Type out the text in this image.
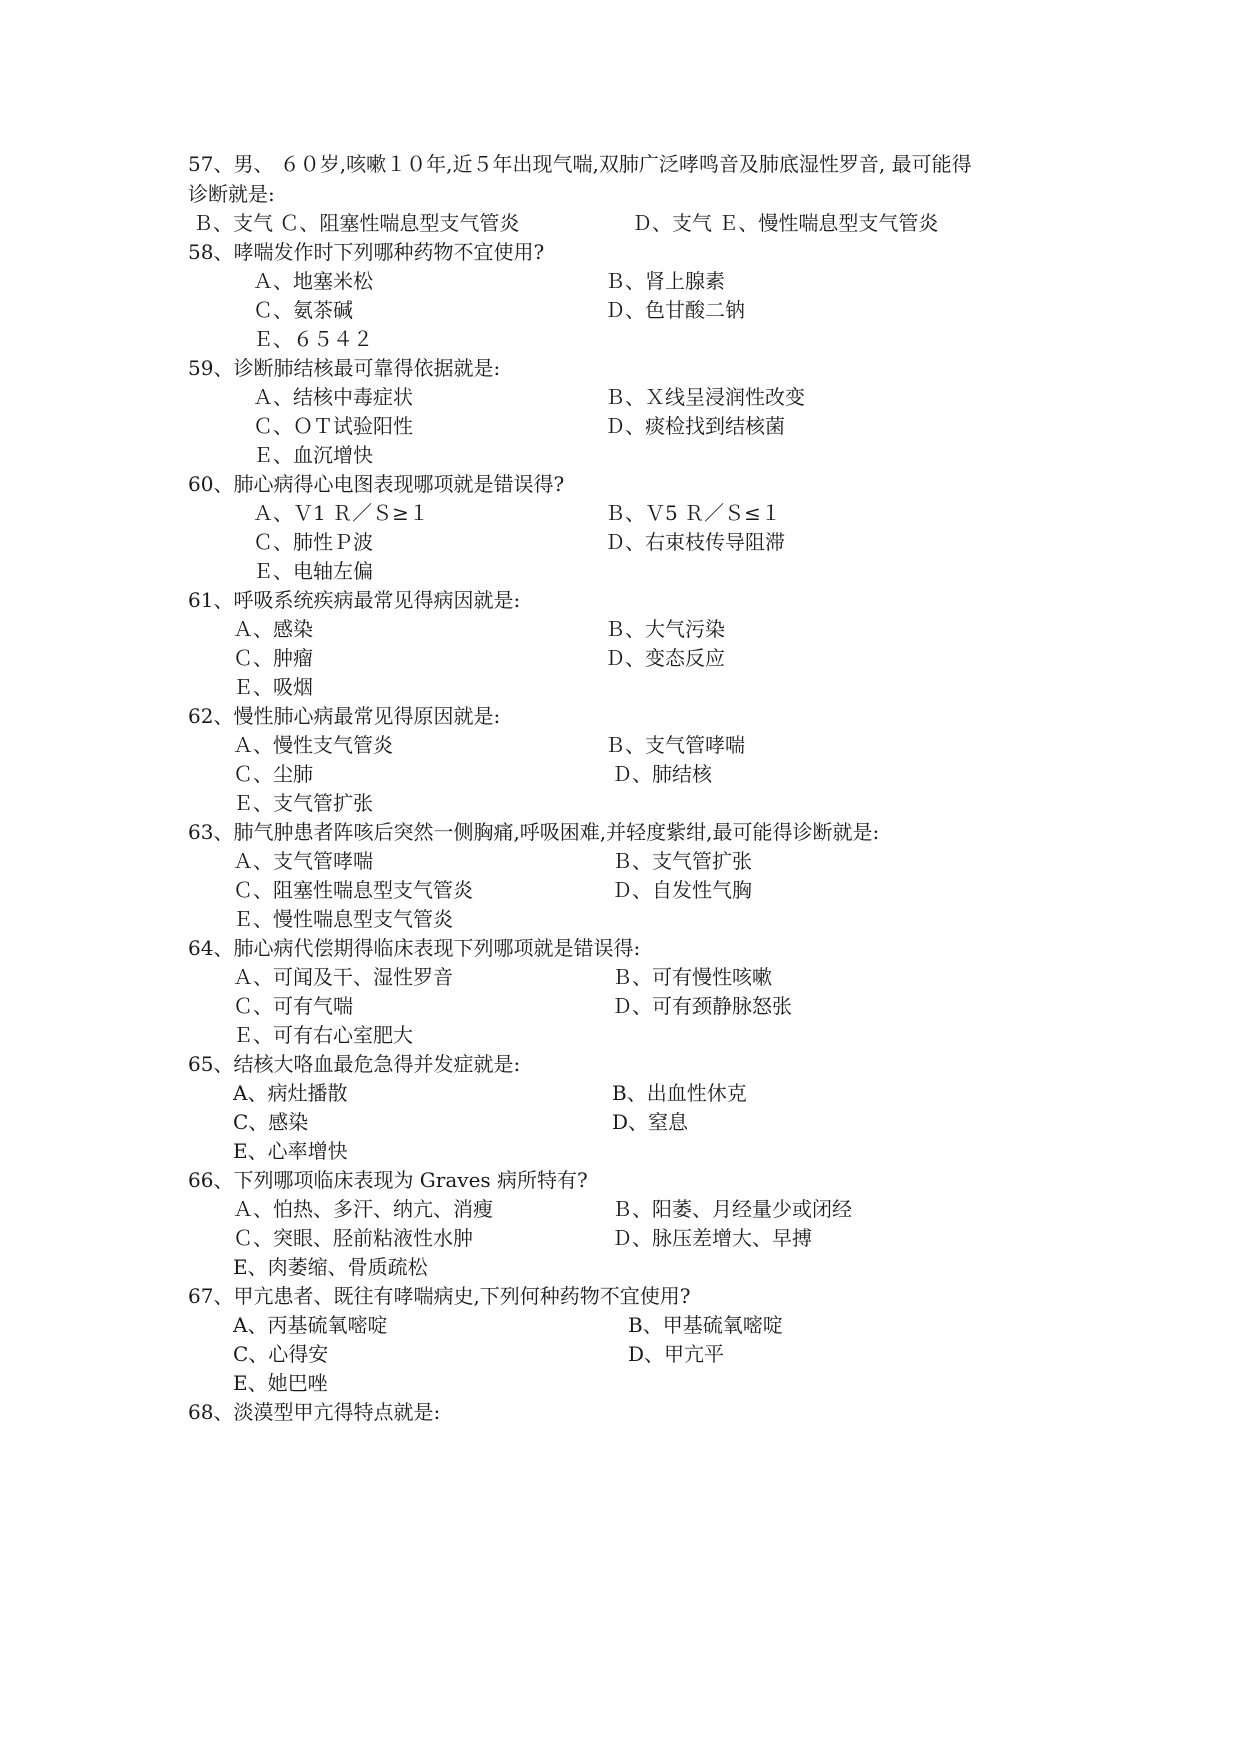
57、男、 ６０岁,咳嗽１０年,近５年出现气喘,双肺广泛哮鸣音及肺底湿性罗音, 最可能得
诊断就是:
Ｂ、支气 Ｃ、阻塞性喘息型支气管炎	Ｄ、支气 Ｅ、慢性喘息型支气管炎
58、哮喘发作时下列哪种药物不宜使用?
Ａ、地塞米松	Ｂ、肾上腺素
Ｃ、氨茶碱	Ｄ、色甘酸二钠
Ｅ、６５４２
59、诊断肺结核最可靠得依据就是:
Ａ、结核中毒症状	Ｂ、Ｘ线呈浸润性改变
Ｃ、ＯＴ试验阳性	Ｄ、痰检找到结核菌
Ｅ、血沉增快
60、肺心病得心电图表现哪项就是错误得?
Ａ、Ｖ1 Ｒ／Ｓ≥１	Ｂ、Ｖ5 Ｒ／Ｓ≤１
Ｃ、肺性Ｐ波	Ｄ、右束枝传导阻滞
Ｅ、电轴左偏
61、呼吸系统疾病最常见得病因就是:
Ａ、感染	Ｂ、大气污染
Ｃ、肿瘤	Ｄ、变态反应
Ｅ、吸烟
62、慢性肺心病最常见得原因就是:
Ａ、慢性支气管炎	Ｂ、支气管哮喘
Ｃ、尘肺	Ｄ、肺结核
Ｅ、支气管扩张
63、肺气肿患者阵咳后突然一侧胸痛,呼吸困难,并轻度紫绀,最可能得诊断就是:
Ａ、支气管哮喘	Ｂ、支气管扩张
Ｃ、阻塞性喘息型支气管炎	Ｄ、自发性气胸
Ｅ、慢性喘息型支气管炎
64、肺心病代偿期得临床表现下列哪项就是错误得:
Ａ、可闻及干、湿性罗音	Ｂ、可有慢性咳嗽
Ｃ、可有气喘	Ｄ、可有颈静脉怒张
Ｅ、可有右心室肥大
65、结核大咯血最危急得并发症就是:
A、病灶播散	B、出血性休克
C、感染	D、窒息
E、心率增快
66、下列哪项临床表现为 Graves 病所特有?
Ａ、怕热、多汗、纳亢、消瘦	Ｂ、阳萎、月经量少或闭经
Ｃ、突眼、胫前粘液性水肿	Ｄ、脉压差增大、早搏
E、肉萎缩、骨质疏松
67、甲亢患者、既往有哮喘病史,下列何种药物不宜使用?
A、丙基硫氧嘧啶	B、甲基硫氧嘧啶
C、心得安	D、甲亢平
E、她巴唑
68、淡漠型甲亢得特点就是:
